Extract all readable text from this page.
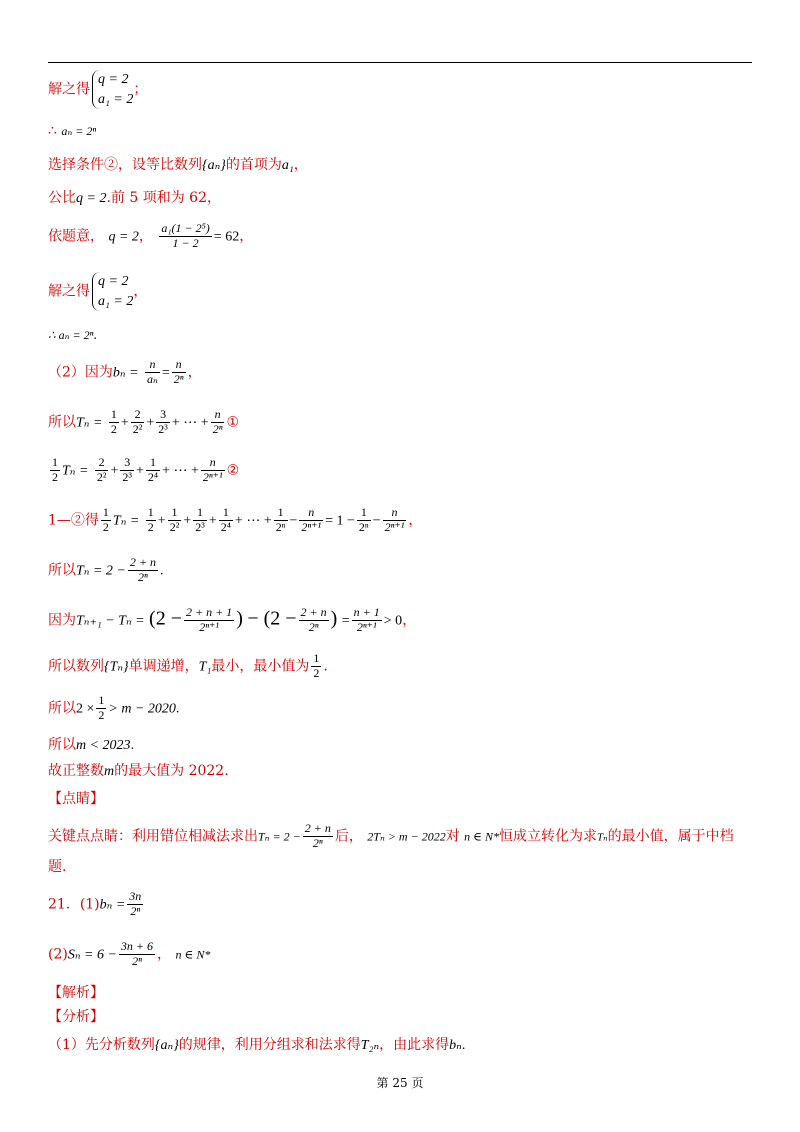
解之得
q = 2
a₁ = 2
；
∴ aₙ = 2ⁿ
选择条件②，设等比数列{aₙ}的首项为a₁，
公比q = 2.前 5 项和为 62，
依题意， q = 2， $\frac{\text{a₁(1 − 2⁵)}}{1 - 2} = 62$，
解之得
q = 2
a₁ = 2
，
∴ aₙ = 2ⁿ.
（2）因为$b_n = \frac{n}{\text{aₙ}} = \frac{n}{\text{2ⁿ}}$ ，
所以$T_n = \frac{1}{2} + \frac{2}{\text{2²}} + \frac{3}{\text{2³}}$ + ⋯ + $\frac{n}{\text{2ⁿ}}$ ①
$\frac{1}{2}$ $T_n = \frac{2}{\text{2²}} + \frac{3}{\text{2³}} + \frac{1}{\text{2⁴}}$ + ⋯ + $\frac{n}{\text{2ⁿ⁺¹}}$ ②
1—②得 $\frac{1}{2}$ $T_n = \frac{1}{2} + \frac{1}{\text{2²}} + \frac{1}{\text{2³}} + \frac{1}{\text{2⁴}}$ + ⋯ + $\frac{1}{\text{2ⁿ}} - \frac{n}{\text{2ⁿ⁺¹}} = 1 - \frac{1}{\text{2ⁿ}} - \frac{n}{\text{2ⁿ⁺¹}}$ ，
所以$T_n = 2 - \frac{2 + n}{\text{2ⁿ}}$ .
因为$T_{n+1} - T_n = (2 - \frac{2 + n + 1}{\text{2ⁿ⁺¹}}$ ) − ($2 - \frac{2 + n}{\text{2ⁿ}}$ ) = $\frac{n + 1}{\text{2ⁿ⁺¹}} > 0$，
所以数列{Tₙ}单调递增，T₁最小，最小值为 $\frac{1}{2}$ .
所以$2 \times \frac{1}{2} > m - 2020$.
所以m < 2023.
故正整数m的最大值为 2022.
【点睛】
关键点点睛：利用错位相减法求出$T_n = 2 - \frac{2 + n}{\text{2ⁿ}}$ 后， 2Tₙ > m − 2022对 n ∈ N*恒成立转化为求Tₙ的最小值，属于中档
题.
21．$(1)b_n = \frac{3n}{\text{2ⁿ}}$
$(2)S_n = 6 - \frac{3n + 6}{\text{2ⁿ}}$ ， n ∈ N*
【解析】
【分析】
（1）先分析数列{aₙ}的规律，利用分组求和法求得T₂ₙ，由此求得bₙ.
第 25 页
